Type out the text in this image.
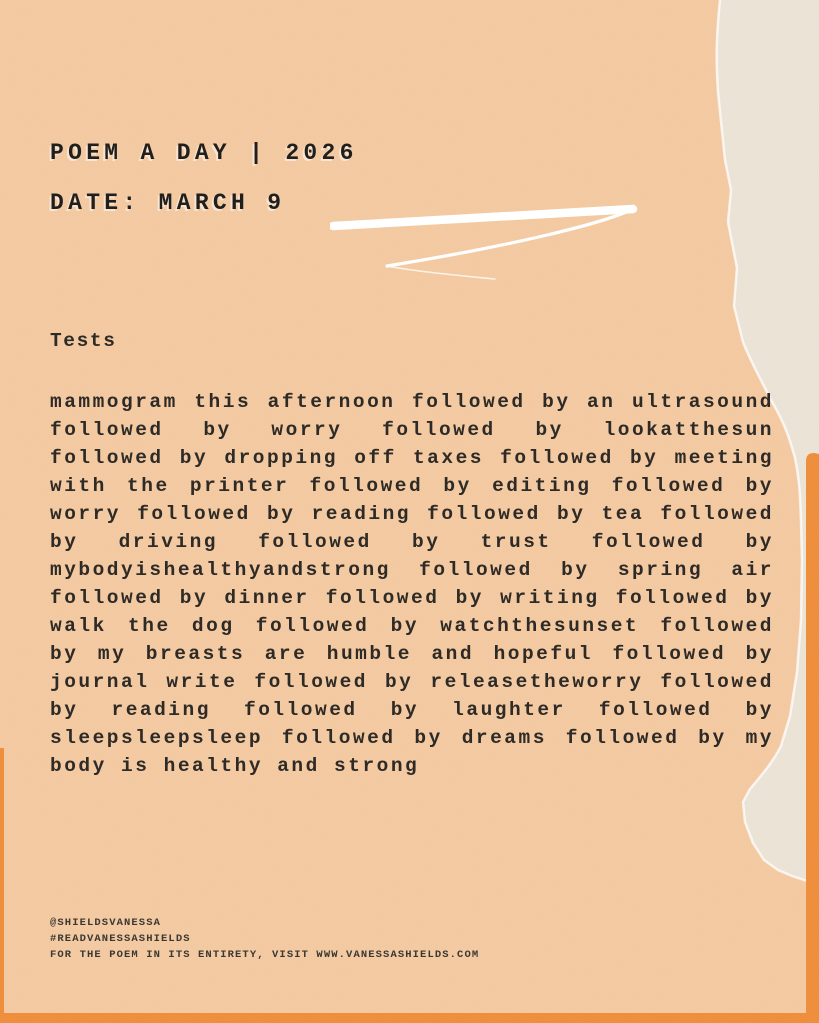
POEM A DAY | 2026
DATE: MARCH 9
Tests
mammogram this afternoon followed by an ultrasound
followed by worry followed by lookatthesun
followed by dropping off taxes followed by meeting
with the printer followed by editing followed by
worry followed by reading followed by tea followed
by driving followed by trust followed by
mybodyishealthyandstrong followed by spring air
followed by dinner followed by writing followed by
walk the dog followed by watchthesunset followed
by my breasts are humble and hopeful followed by
journal write followed by releasetheworry followed
by reading followed by laughter followed by
sleepsleepsleep followed by dreams followed by my
body is healthy and strong
@SHIELDSVANESSA
#READVANESSASHIELDS
FOR THE POEM IN ITS ENTIRETY, VISIT WWW.VANESSASHIELDS.COM
